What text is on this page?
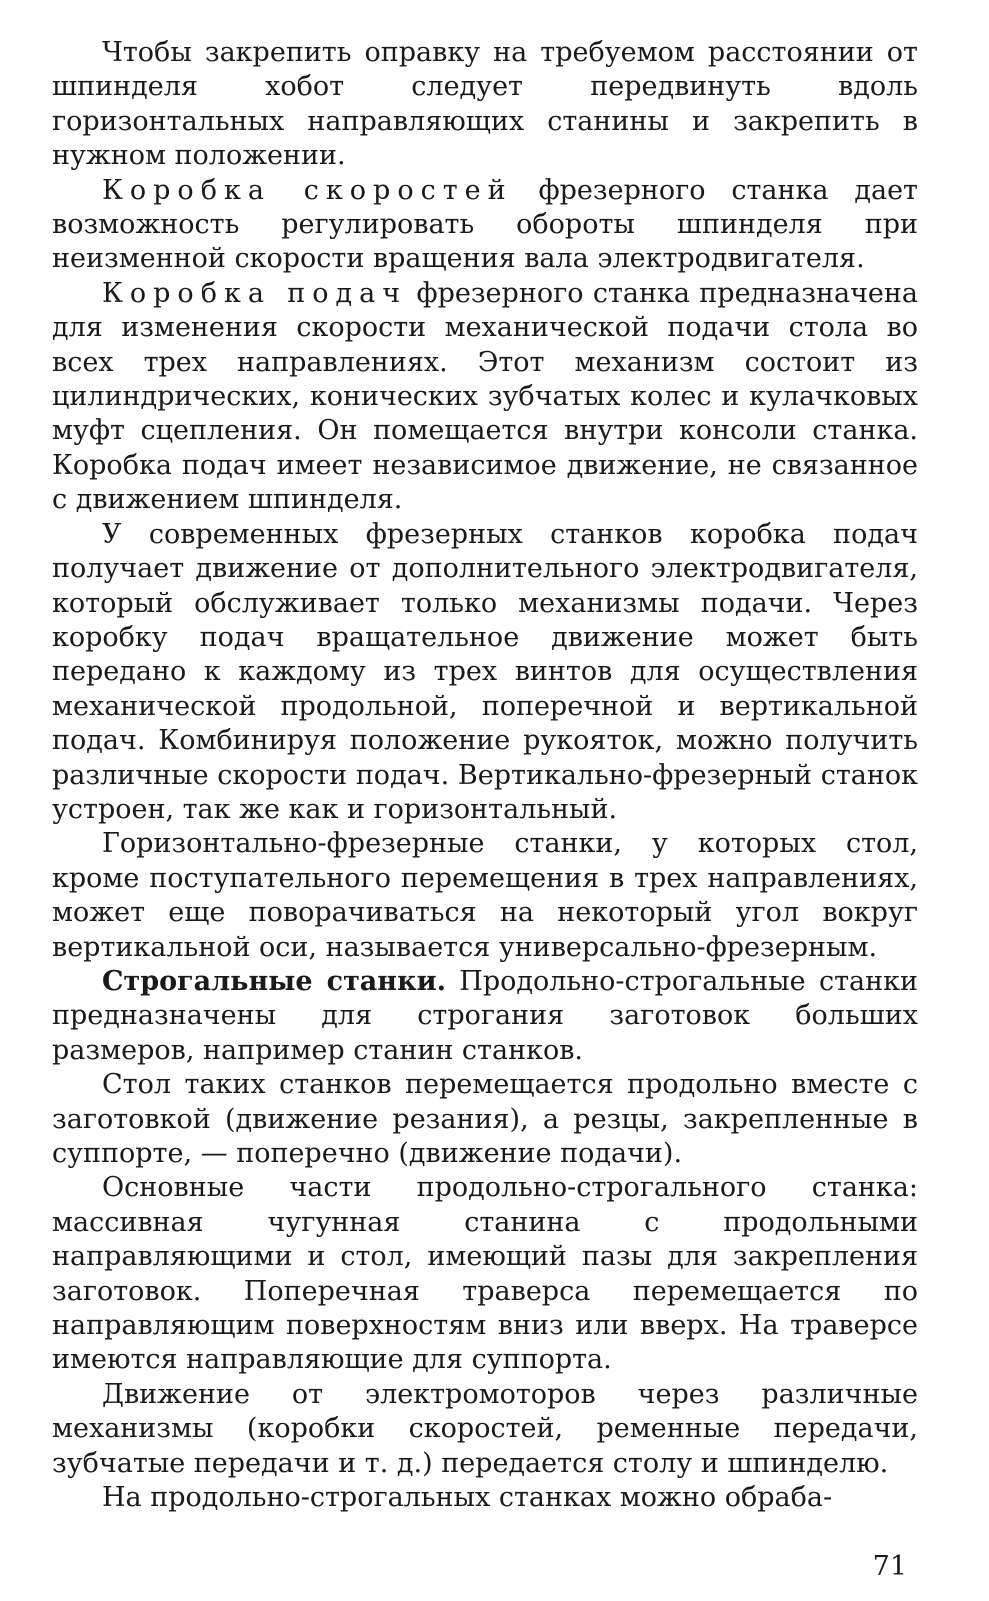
Чтобы закрепить оправку на требуемом расстоянии от шпинделя хобот следует передвинуть вдоль горизонтальных направляющих станины и закрепить в нужном положении.

Коробка скоростей фрезерного станка дает возможность регулировать обороты шпинделя при неизменной скорости вращения вала электродвигателя.

Коробка подач фрезерного станка предназначена для изменения скорости механической подачи стола во всех трех направлениях. Этот механизм состоит из цилиндрических, конических зубчатых колес и кулачковых муфт сцепления. Он помещается внутри консоли станка. Коробка подач имеет независимое движение, не связанное с движением шпинделя.

У современных фрезерных станков коробка подач получает движение от дополнительного электродвигателя, который обслуживает только механизмы подачи. Через коробку подач вращательное движение может быть передано к каждому из трех винтов для осуществления механической продольной, поперечной и вертикальной подач. Комбинируя положение рукояток, можно получить различные скорости подач. Вертикально-фрезерный станок устроен, так же как и горизонтальный.

Горизонтально-фрезерные станки, у которых стол, кроме поступательного перемещения в трех направлениях, может еще поворачиваться на некоторый угол вокруг вертикальной оси, называется универсально-фрезерным.

Строгальные станки. Продольно-строгальные станки предназначены для строгания заготовок больших размеров, например станин станков.

Стол таких станков перемещается продольно вместе с заготовкой (движение резания), а резцы, закрепленные в суппорте, — поперечно (движение подачи).

Основные части продольно-строгального станка: массивная чугунная станина с продольными направляющими и стол, имеющий пазы для закрепления заготовок. Поперечная траверса перемещается по направляющим поверхностям вниз или вверх. На траверсе имеются направляющие для суппорта.

Движение от электромоторов через различные механизмы (коробки скоростей, ременные передачи, зубчатые передачи и т. д.) передается столу и шпинделю.

На продольно-строгальных станках можно обраба-

71
